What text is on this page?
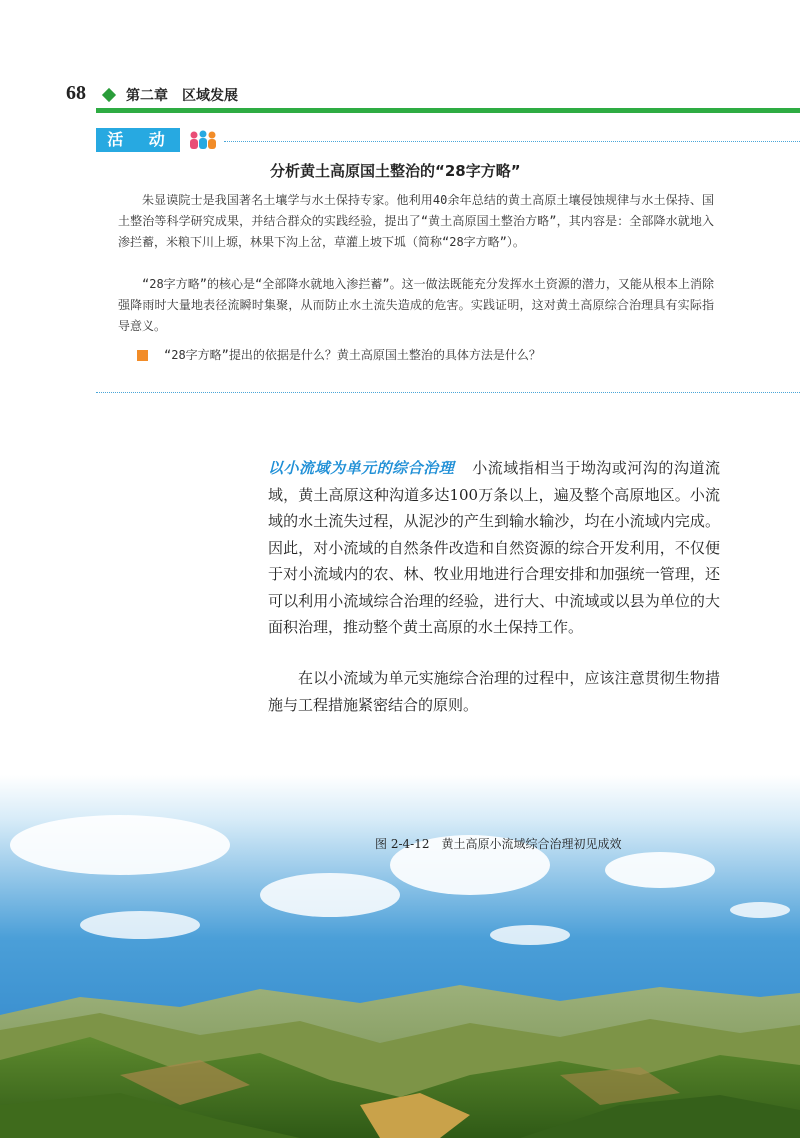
68	第二章　区域发展
活 动
分析黄土高原国土整治的“28字方略”

朱显谟院士是我国著名土壤学与水土保持专家。他利用40余年总结的黄土高原土壤侵蚀规律与水土保持、国土整治等科学研究成果，并结合群众的实践经验，提出了“黄土高原国土整治方略”，其内容是：全部降水就地入渗拦蓄，米粮下川上塬，林果下沟上岔，草灌上坡下坬（简称“28字方略”）。

“28字方略”的核心是“全部降水就地入渗拦蓄”。这一做法既能充分发挥水土资源的潜力，又能从根本上消除强降雨时大量地表径流瞬时集聚，从而防止水土流失造成的危害。实践证明，这对黄土高原综合治理具有实际指导意义。

“28字方略”提出的依据是什么？黄土高原国土整治的具体方法是什么？

以小流域为单元的综合治理 小流域指相当于坳沟或河沟的沟道流域，黄土高原这种沟道多达100万条以上，遍及整个高原地区。小流域的水土流失过程，从泥沙的产生到输水输沙，均在小流域内完成。因此，对小流域的自然条件改造和自然资源的综合开发利用，不仅便于对小流域内的农、林、牧业用地进行合理安排和加强统一管理，还可以利用小流域综合治理的经验，进行大、中流域或以县为单位的大面积治理，推动整个黄土高原的水土保持工作。

在以小流域为单元实施综合治理的过程中，应该注意贯彻生物措施与工程措施紧密结合的原则。

图 2-4-12　黄土高原小流域综合治理初见成效
